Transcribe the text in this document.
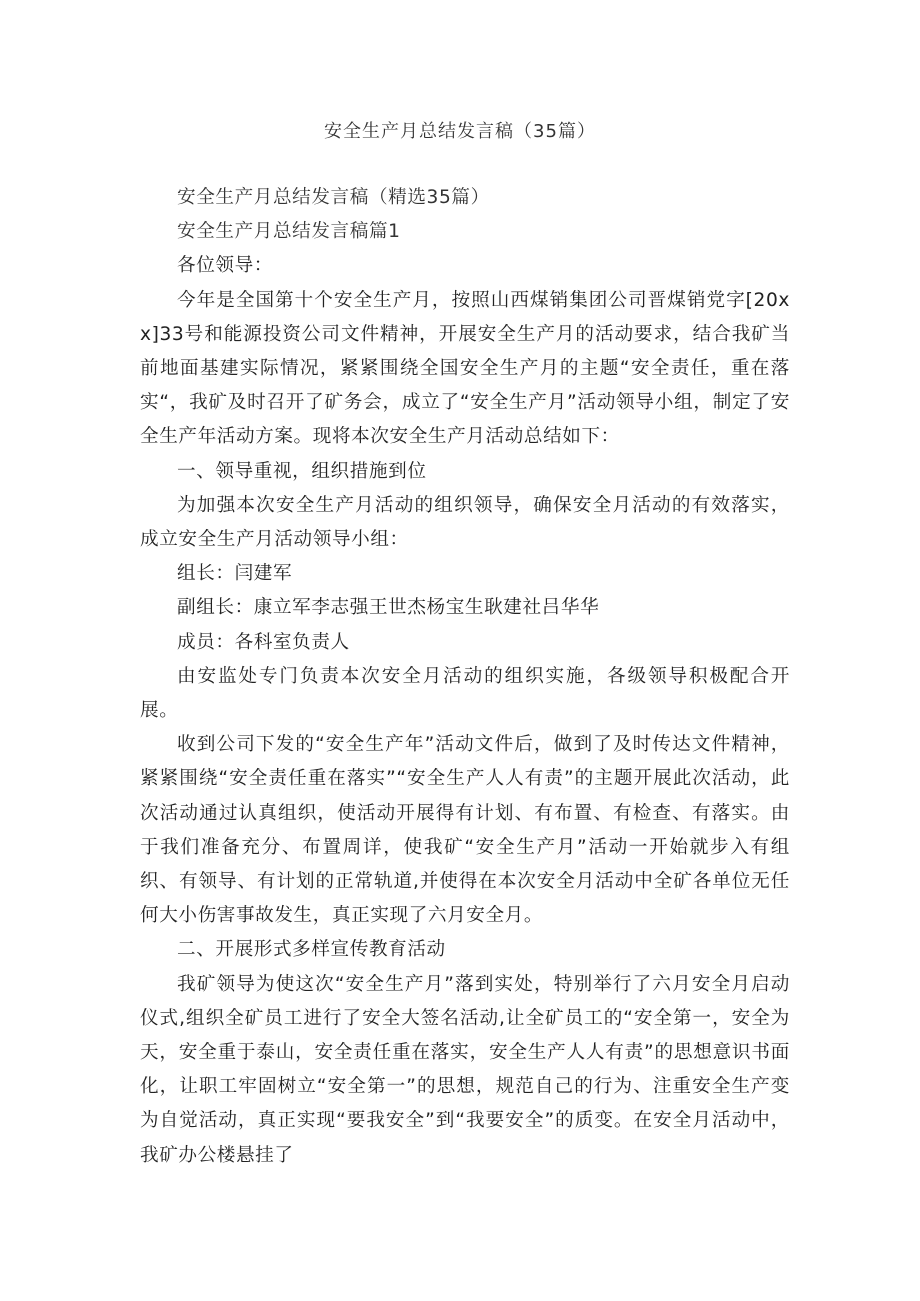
安全生产月总结发言稿（35篇）

安全生产月总结发言稿（精选35篇）

安全生产月总结发言稿篇1

各位领导：

今年是全国第十个安全生产月，按照山西煤销集团公司晋煤销党字[20xx]33号和能源投资公司文件精神，开展安全生产月的活动要求，结合我矿当前地面基建实际情况，紧紧围绕全国安全生产月的主题“安全责任，重在落实“，我矿及时召开了矿务会，成立了“安全生产月”活动领导小组，制定了安全生产年活动方案。现将本次安全生产月活动总结如下：

一、领导重视，组织措施到位

为加强本次安全生产月活动的组织领导，确保安全月活动的有效落实，成立安全生产月活动领导小组：

组长：闫建军

副组长：康立军李志强王世杰杨宝生耿建社吕华华

成员：各科室负责人

由安监处专门负责本次安全月活动的组织实施，各级领导积极配合开展。

收到公司下发的“安全生产年”活动文件后，做到了及时传达文件精神，紧紧围绕“安全责任重在落实”“安全生产人人有责”的主题开展此次活动，此次活动通过认真组织，使活动开展得有计划、有布置、有检查、有落实。由于我们准备充分、布置周详，使我矿“安全生产月”活动一开始就步入有组织、有领导、有计划的正常轨道,并使得在本次安全月活动中全矿各单位无任何大小伤害事故发生，真正实现了六月安全月。

二、开展形式多样宣传教育活动

我矿领导为使这次“安全生产月”落到实处，特别举行了六月安全月启动仪式,组织全矿员工进行了安全大签名活动,让全矿员工的“安全第一，安全为天，安全重于泰山，安全责任重在落实，安全生产人人有责”的思想意识书面化，让职工牢固树立“安全第一”的思想，规范自己的行为、注重安全生产变为自觉活动，真正实现“要我安全”到“我要安全”的质变。在安全月活动中，我矿办公楼悬挂了
